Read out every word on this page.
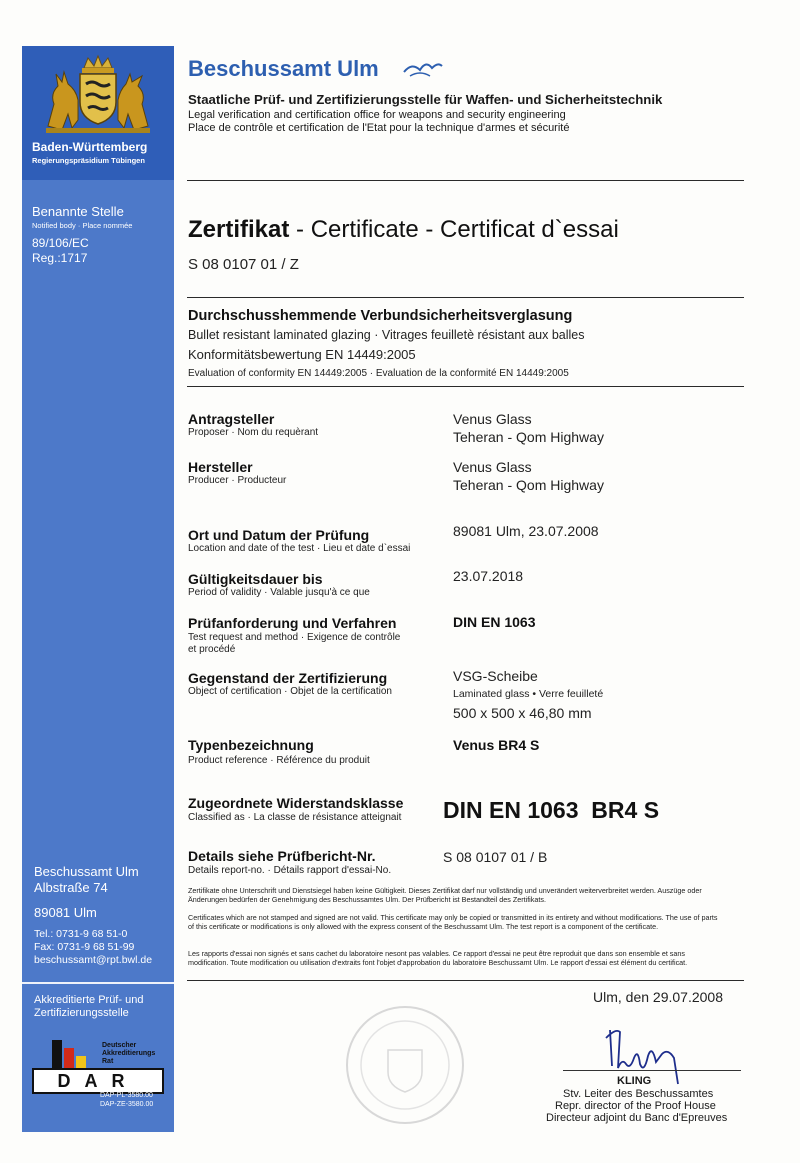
Baden-Württemberg
Regierungspräsidium Tübingen
Benannte Stelle
Notified body · Place nommée
89/106/EC
Reg.:1717
Beschussamt Ulm
Albstraße 74
89081 Ulm
Tel.: 0731-9 68 51-0
Fax: 0731-9 68 51-99
beschussamt@rpt.bwl.de
Akkreditierte Prüf- und
Zertifizierungsstelle
Deutscher
Akkreditierungs
Rat
DAR
DAP-PL-3580.00
DAP-ZE-3580.00
Beschussamt Ulm
Staatliche Prüf- und Zertifizierungsstelle für Waffen- und Sicherheitstechnik
Legal verification and certification office for weapons and security engineering
Place de contrôle et certification de l'Etat pour la technique d'armes et sécurité
Zertifikat - Certificate - Certificat d`essai
S 08 0107 01 / Z
Durchschusshemmende Verbundsicherheitsverglasung
Bullet resistant laminated glazing · Vitrages feuilletè résistant aux balles
Konformitätsbewertung EN 14449:2005
Evaluation of conformity EN 14449:2005 · Evaluation de la conformité EN 14449:2005
Antragsteller
Proposer · Nom du requèrant
Venus Glass
Teheran - Qom Highway
Hersteller
Producer · Producteur
Venus Glass
Teheran - Qom Highway
Ort und Datum der Prüfung
Location and date of the test · Lieu et date d`essai
89081 Ulm, 23.07.2008
Gültigkeitsdauer bis
Period of validity · Valable jusqu'à ce que
23.07.2018
Prüfanforderung und Verfahren
Test request and method · Exigence de contrôle
et procédé
DIN EN 1063
Gegenstand der Zertifizierung
Object of certification · Objet de la certification
VSG-Scheibe
Laminated glass • Verre feuilleté
500 x 500 x 46,80 mm
Typenbezeichnung
Product reference · Référence du produit
Venus BR4 S
Zugeordnete Widerstandsklasse
Classified as · La classe de résistance atteignait DIN EN 1063  BR4 S
Details siehe Prüfbericht-Nr.
Details report-no. · Détails rapport d'essai-No.
S 08 0107 01 / B
Zertifikate ohne Unterschrift und Dienstsiegel haben keine Gültigkeit. Dieses Zertifikat darf nur vollständig und unverändert weiterverbreitet werden. Auszüge oder Änderungen bedürfen der Genehmigung des Beschussamtes Ulm. Der Prüfbericht ist Bestandteil des Zertifikats.
Certificates which are not stamped and signed are not valid. This certificate may only be copied or transmitted in its entirety and without modifications. The use of parts of this certificate or modifications is only allowed with the express consent of the Beschussamt Ulm. The test report is a component of the certificate.
Les rapports d'essai non signés et sans cachet du laboratoire nesont pas valables. Ce rapport d'essai ne peut être reproduit que dans son ensemble et sans modification. Toute modification ou utilisation d'extraits font l'objet d'approbation du laboratoire Beschussamt Ulm. Le rapport d'essai est élément du certificat.
Ulm, den 29.07.2008
KLING
Stv. Leiter des Beschussamtes
Repr. director of the Proof House
Directeur adjoint du Banc d'Epreuves
